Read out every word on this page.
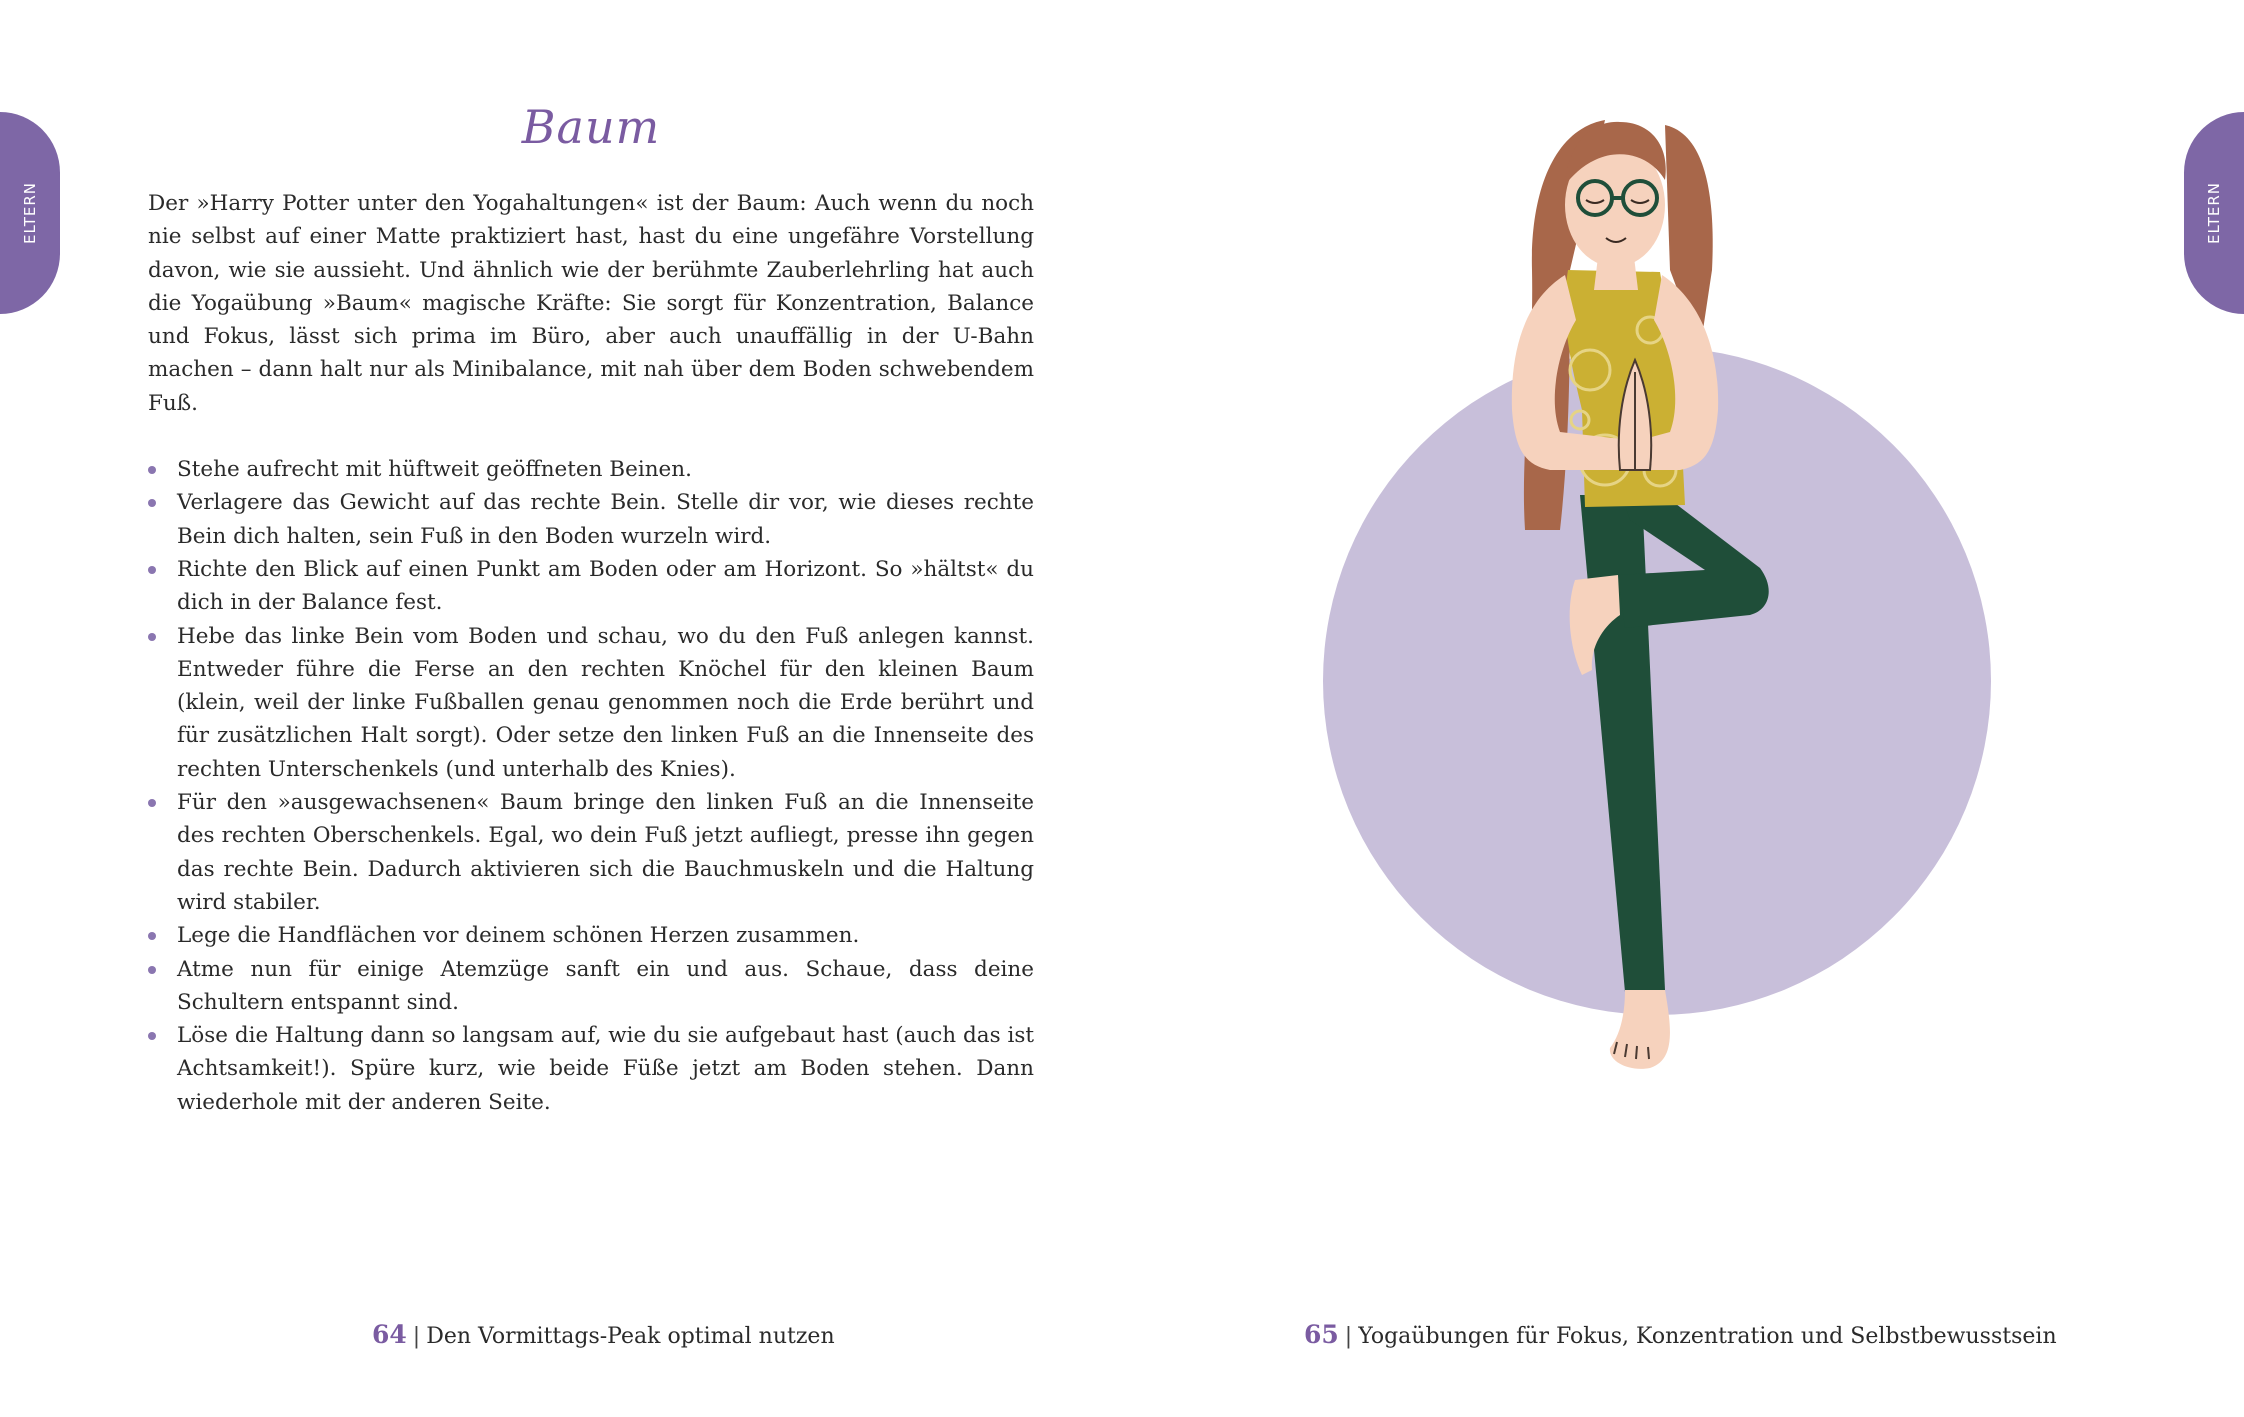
ELTERN
Baum

Der »Harry Potter unter den Yogahaltungen« ist der Baum: Auch wenn du noch nie selbst auf einer Matte praktiziert hast, hast du eine ungefähre Vorstellung davon, wie sie aussieht. Und ähnlich wie der berühmte Zauberlehrling hat auch die Yogaübung »Baum« magische Kräfte: Sie sorgt für Konzentration, Balance und Fokus, lässt sich prima im Büro, aber auch unauffällig in der U-Bahn machen – dann halt nur als Minibalance, mit nah über dem Boden schwebendem Fuß.

Stehe aufrecht mit hüftweit geöffneten Beinen.
Verlagere das Gewicht auf das rechte Bein. Stelle dir vor, wie dieses rechte Bein dich halten, sein Fuß in den Boden wurzeln wird.
Richte den Blick auf einen Punkt am Boden oder am Horizont. So »hältst« du dich in der Balance fest.
Hebe das linke Bein vom Boden und schau, wo du den Fuß anlegen kannst. Entweder führe die Ferse an den rechten Knöchel für den kleinen Baum (klein, weil der linke Fußballen genau genommen noch die Erde berührt und für zusätzlichen Halt sorgt). Oder setze den linken Fuß an die Innenseite des rechten Unterschenkels (und unterhalb des Knies).
Für den »ausgewachsenen« Baum bringe den linken Fuß an die Innenseite des rechten Oberschenkels. Egal, wo dein Fuß jetzt aufliegt, presse ihn gegen das rechte Bein. Dadurch aktivieren sich die Bauchmuskeln und die Haltung wird stabiler.
Lege die Handflächen vor deinem schönen Herzen zusammen.
Atme nun für einige Atemzüge sanft ein und aus. Schaue, dass deine Schultern entspannt sind.
Löse die Haltung dann so langsam auf, wie du sie aufgebaut hast (auch das ist Achtsamkeit!). Spüre kurz, wie beide Füße jetzt am Boden stehen. Dann wiederhole mit der anderen Seite.
64 | Den Vormittags-Peak optimal nutzen
ELTERN
65 | Yogaübungen für Fokus, Konzentration und Selbstbewusstsein
